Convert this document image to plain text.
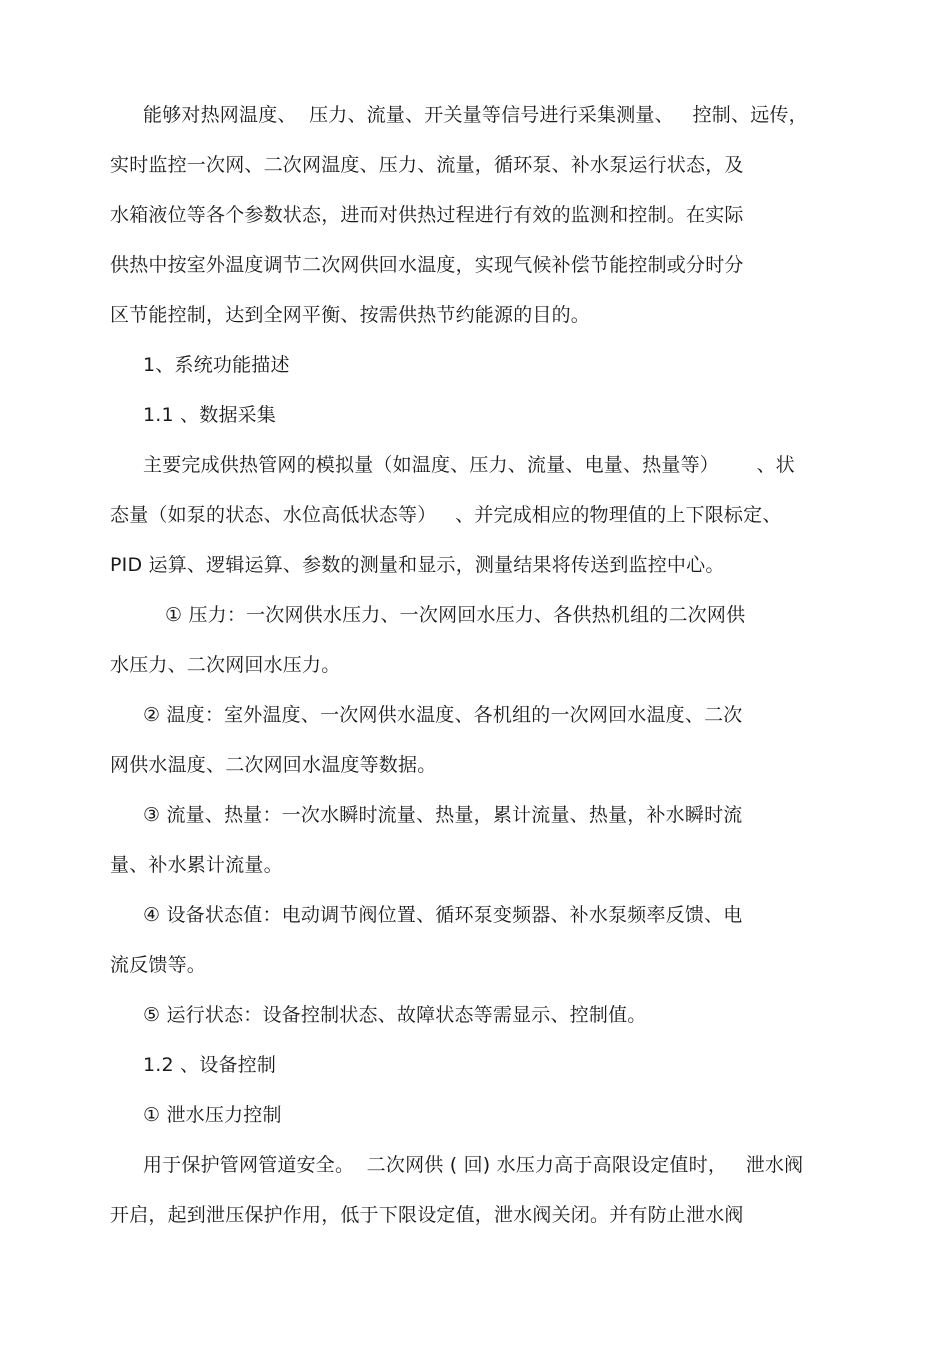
能够对热网温度、  压力、流量、开关量等信号进行采集测量、   控制、远传，
实时监控一次网、二次网温度、压力、流量，循环泵、补水泵运行状态，及
水箱液位等各个参数状态，进而对供热过程进行有效的监测和控制。在实际
供热中按室外温度调节二次网供回水温度，实现气候补偿节能控制或分时分
区节能控制，达到全网平衡、按需供热节约能源的目的。
1、系统功能描述
1.1 、数据采集
主要完成供热管网的模拟量（如温度、压力、流量、电量、热量等）      、状
态量（如泵的状态、水位高低状态等）   、并完成相应的物理值的上下限标定、
PID 运算、逻辑运算、参数的测量和显示，测量结果将传送到监控中心。
① 压力：一次网供水压力、一次网回水压力、各供热机组的二次网供
水压力、二次网回水压力。
② 温度：室外温度、一次网供水温度、各机组的一次网回水温度、二次
网供水温度、二次网回水温度等数据。
③ 流量、热量：一次水瞬时流量、热量，累计流量、热量，补水瞬时流
量、补水累计流量。
④ 设备状态值：电动调节阀位置、循环泵变频器、补水泵频率反馈、电
流反馈等。
⑤ 运行状态：设备控制状态、故障状态等需显示、控制值。
1.2 、设备控制
① 泄水压力控制
用于保护管网管道安全。  二次网供 ( 回) 水压力高于高限设定值时，   泄水阀
开启，起到泄压保护作用，低于下限设定值，泄水阀关闭。并有防止泄水阀
